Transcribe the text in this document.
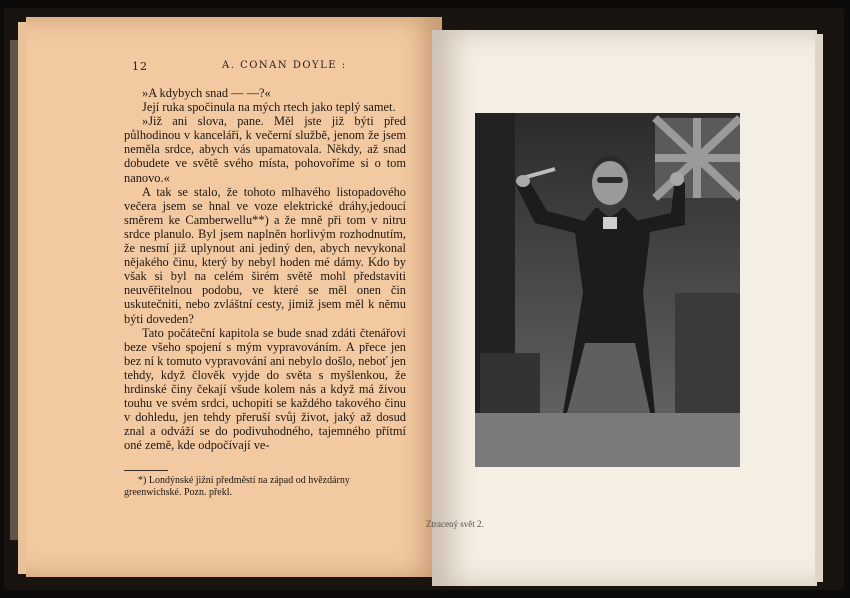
12	A. CONAN DOYLE :

»A kdybych snad — —?«

Její ruka spočinula na mých rtech jako teplý samet.

»Již ani slova, pane. Měl jste již býti před půlhodinou v kanceláři, k večerní službě, jenom že jsem neměla srdce, abych vás upamatovala. Někdy, až snad dobudete ve světě svého místa, pohovoříme si o tom nanovo.«

A tak se stalo, že tohoto mlhavého listopadového večera jsem se hnal ve voze elektrické dráhy,jedoucí směrem ke Camberwellu**) a že mně při tom v nitru srdce planulo. Byl jsem naplněn horlivým rozhodnutím, že nesmí již uplynout ani jediný den, abych nevykonal nějakého činu, který by nebyl hoden mé dámy. Kdo by však si byl na celém širém světě mohl představiti neuvěřitelnou podobu, ve které se měl onen čin uskutečniti, nebo zvláštní cesty, jimiž jsem měl k němu býti doveden?

Tato počáteční kapitola se bude snad zdáti čtenářovi beze všeho spojení s mým vypravováním. A přece jen bez ní k tomuto vypravování ani nebylo došlo, neboť jen tehdy, když člověk vyjde do světa s myšlenkou, že hrdinské činy čekají všude kolem nás a když má živou touhu ve svém srdci, uchopiti se každého takového činu v dohledu, jen tehdy přeruší svůj život, jaký až dosud znal a odváží se do podivuhodného, tajemného přítmí oné země, kde odpočívají ve-

*) Londýnské jižní předměstí na západ od hvězdárny greenwichské. Pozn. překl.

Ztracený svět 2.
